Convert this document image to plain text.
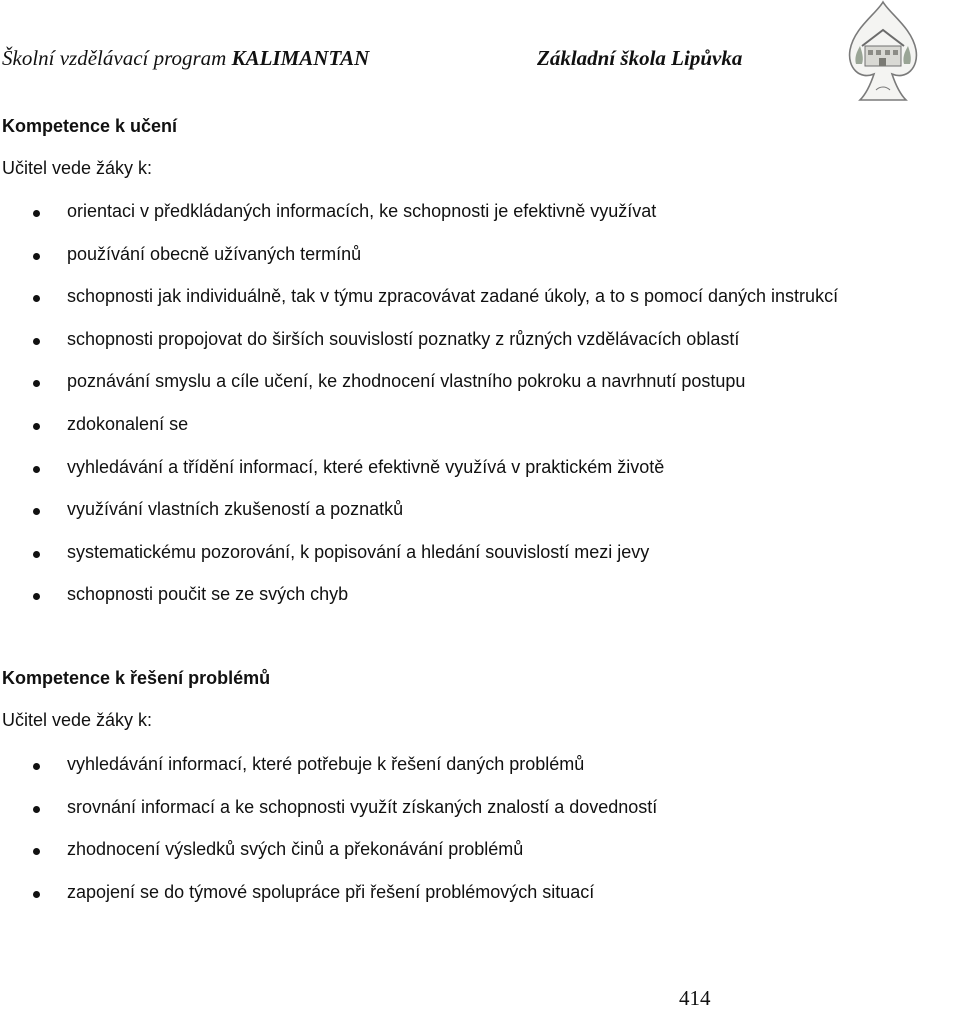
Školní vzdělávací program KALIMANTAN	Základní škola Lipůvka
Kompetence k učení
Učitel vede žáky k:
orientaci v předkládaných informacích, ke schopnosti je efektivně využívat
používání obecně užívaných termínů
schopnosti jak individuálně, tak v týmu zpracovávat zadané úkoly, a to s pomocí daných instrukcí
schopnosti propojovat do širších souvislostí poznatky z různých vzdělávacích oblastí
poznávání smyslu a cíle učení, ke zhodnocení vlastního pokroku a navrhnutí postupu
zdokonalení se
vyhledávání a třídění informací, které efektivně využívá v praktickém životě
využívání vlastních zkušeností a poznatků
systematickému pozorování, k popisování a hledání souvislostí mezi jevy
schopnosti poučit se ze svých chyb
Kompetence k řešení problémů
Učitel vede žáky k:
vyhledávání informací, které potřebuje k řešení daných problémů
srovnání informací a ke schopnosti využít získaných znalostí a dovedností
zhodnocení výsledků svých činů a překonávání problémů
zapojení se do týmové spolupráce při řešení problémových situací
414
